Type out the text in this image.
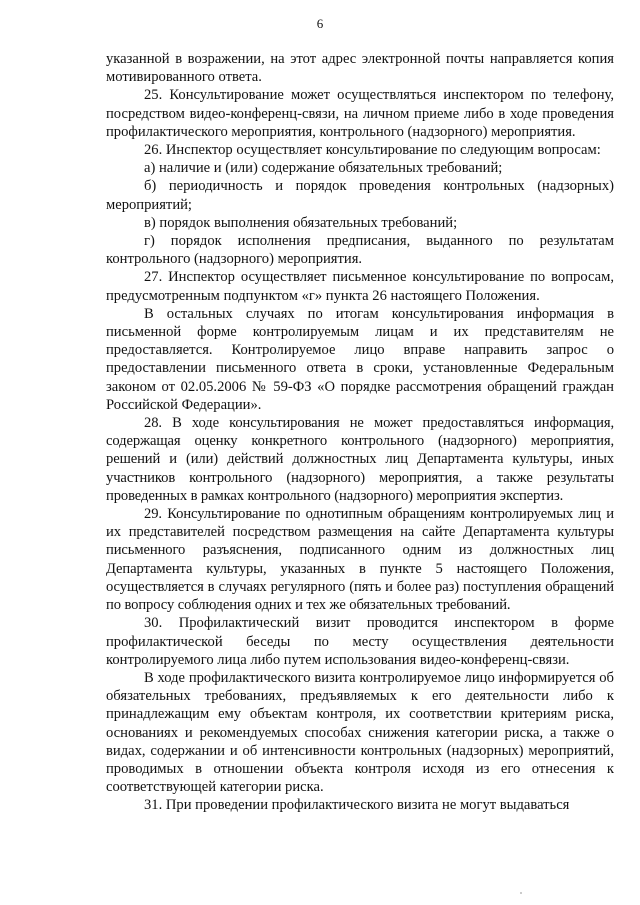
6

указанной в возражении, на этот адрес электронной почты направляется копия мотивированного ответа.

25. Консультирование может осуществляться инспектором по телефону, посредством видео-конференц-связи, на личном приеме либо в ходе проведения профилактического мероприятия, контрольного (надзорного) мероприятия.

26. Инспектор осуществляет консультирование по следующим вопросам:

а) наличие и (или) содержание обязательных требований;

б) периодичность и порядок проведения контрольных (надзорных) мероприятий;

в) порядок выполнения обязательных требований;

г) порядок исполнения предписания, выданного по результатам контрольного (надзорного) мероприятия.

27. Инспектор осуществляет письменное консультирование по вопросам, предусмотренным подпунктом «г» пункта 26 настоящего Положения.

В остальных случаях по итогам консультирования информация в письменной форме контролируемым лицам и их представителям не предоставляется. Контролируемое лицо вправе направить запрос о предоставлении письменного ответа в сроки, установленные Федеральным законом от 02.05.2006 № 59-ФЗ «О порядке рассмотрения обращений граждан Российской Федерации».

28. В ходе консультирования не может предоставляться информация, содержащая оценку конкретного контрольного (надзорного) мероприятия, решений и (или) действий должностных лиц Департамента культуры, иных участников контрольного (надзорного) мероприятия, а также результаты проведенных в рамках контрольного (надзорного) мероприятия экспертиз.

29. Консультирование по однотипным обращениям контролируемых лиц и их представителей посредством размещения на сайте Департамента культуры письменного разъяснения, подписанного одним из должностных лиц Департамента культуры, указанных в пункте 5 настоящего Положения, осуществляется в случаях регулярного (пять и более раз) поступления обращений по вопросу соблюдения одних и тех же обязательных требований.

30. Профилактический визит проводится инспектором в форме профилактической беседы по месту осуществления деятельности контролируемого лица либо путем использования видео-конференц-связи.

В ходе профилактического визита контролируемое лицо информируется об обязательных требованиях, предъявляемых к его деятельности либо к принадлежащим ему объектам контроля, их соответствии критериям риска, основаниях и рекомендуемых способах снижения категории риска, а также о видах, содержании и об интенсивности контрольных (надзорных) мероприятий, проводимых в отношении объекта контроля исходя из его отнесения к соответствующей категории риска.

31. При проведении профилактического визита не могут выдаваться
